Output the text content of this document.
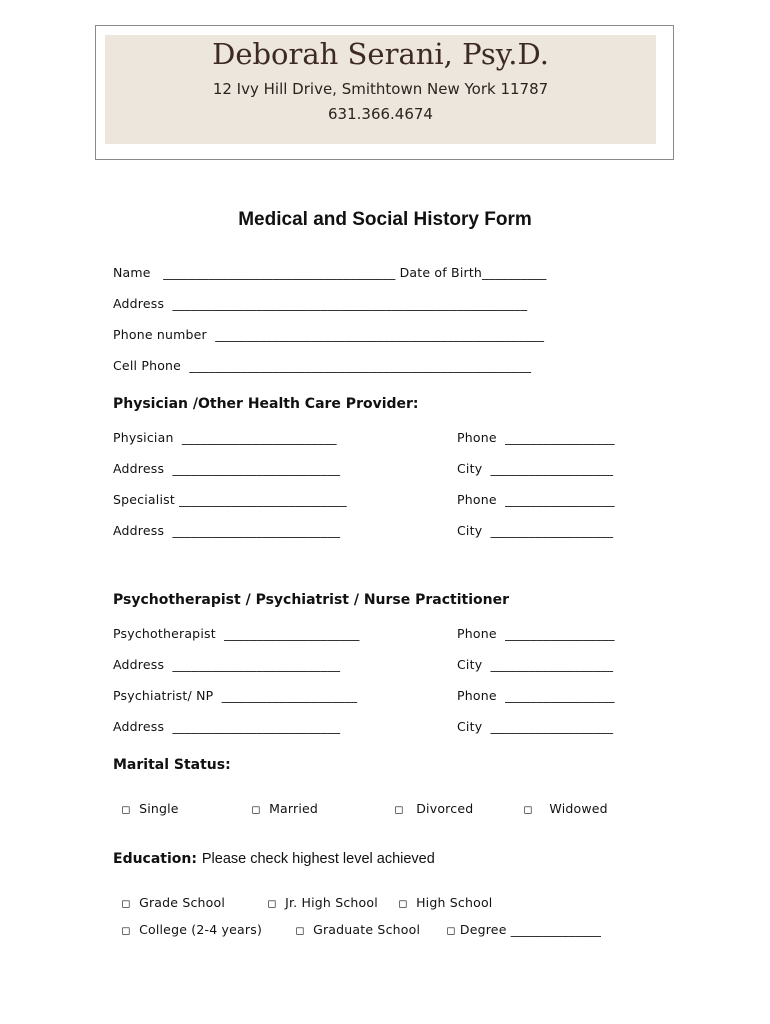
Deborah Serani, Psy.D.
12 Ivy Hill Drive, Smithtown New York 11787
631.366.4674
Medical and Social History Form
Name   ____________________________________ Date of Birth__________
Address  _______________________________________________________
Phone number  ___________________________________________________
Cell Phone  _____________________________________________________
Physician /Other Health Care Provider:
Physician  ________________________	Phone  _________________
Address  __________________________	City  ___________________
Specialist __________________________	Phone  _________________
Address  __________________________	City  ___________________
Psychotherapist / Psychiatrist / Nurse Practitioner
Psychotherapist  _____________________	Phone  _________________
Address  __________________________	City  ___________________
Psychiatrist/ NP  _____________________	Phone  _________________
Address  __________________________	City  ___________________
Marital Status:

◻ Single	◻ Married	◻ Divorced	◻ Widowed

Education: Please check highest level achieved

◻ Grade School	◻ Jr. High School	◻ High School

◻ College (2-4 years)	◻ Graduate School	◻ Degree ______________
